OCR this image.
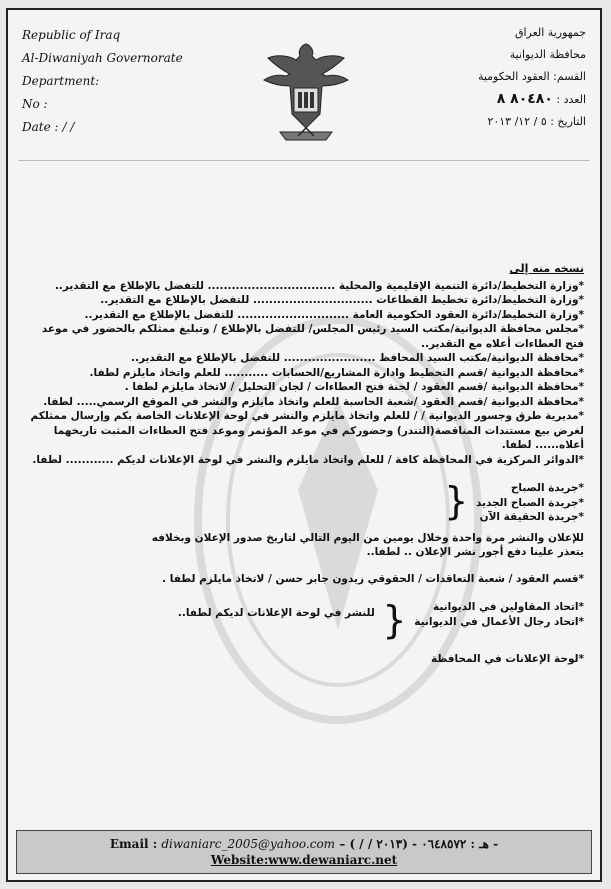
Republic of Iraq
Al-Diwaniyah Governorate
Department:
No :
Date : / /
جمهورية العراق
محافظة الديوانية
القسم: العقود الحكومية
العدد : ٨٠٤٨٠ ٨
التاريخ : ٥ / ١٢/ ٢٠١٣
نسخه منه إلى
*وزارة التخطيط/دائرة التنمية الإقليمية والمحلية ................................ للتفضل بالإطلاع مع التقدير..
*وزارة التخطيط/دائرة تخطيط القطاعات .............................. للتفضل بالإطلاع مع التقدير..
*وزارة التخطيط/دائرة العقود الحكومية العامة ............................ للتفضل بالإطلاع مع التقدير..
*مجلس محافظة الديوانية/مكتب السيد رئيس المجلس/ للتفضل بالإطلاع / وتبليغ ممثلكم بالحضور في موعد فتح العطاءات أعلاه مع التقدير..
*محافظة الديوانية/مكتب السيد المحافظ ....................... للتفضل بالإطلاع مع التقدير..
*محافظة الديوانية /قسم التخطيط وادارة المشاريع/الحسابات ........... للعلم واتخاذ مايلزم لطفا.
*محافظة الديوانية /قسم العقود / لجنة فتح العطاءات / لجان التحليل / لاتخاذ مايلزم لطفا .
*محافظة الديوانية /قسم العقود /شعبة الحاسبة للعلم واتخاذ مايلزم والنشر في الموقع الرسمي..... لطفا.
*مديرية طرق وجسور الديوانية / / للعلم واتخاذ مايلزم والنشر في لوحة الإعلانات الخاصة بكم وإرسال ممثلكم لغرض بيع مستندات المناقصة(التندر) وحضوركم في موعد المؤتمر وموعد فتح العطاءات المثبت تاريخهما أعلاه...... لطفا.
*الدوائر المركزية في المحافظة كافة / للعلم واتخاذ مايلزم والنشر في لوحة الإعلانات لديكم ............ لطفا.
*جريدة الصباح
*جريدة الصباح الجديد
*جريدة الحقيقة الآن
{
للإعلان والنشر مرة واحدة وخلال يومين من اليوم التالي لتاريخ صدور الإعلان وبخلافه
يتعذر علينا دفع أجور نشر الإعلان .. لطفا..
*قسم العقود / شعبة التعاقدات / الحقوقي زيدون جابر حسن / لاتخاذ مايلزم لطفا .
*اتحاد المقاولين في الديوانية
*اتحاد رجال الأعمال في الديوانية
{
للنشر في لوحة الإعلانات لديكم لطفا..
*لوحة الإعلانات في المحافظة
Email : diwaniarc_2005@yahoo.com – هـ : ٠٦٤٨٥٧٢ - (٢٠١٣ / / ) -
Website:www.dewaniarc.net
